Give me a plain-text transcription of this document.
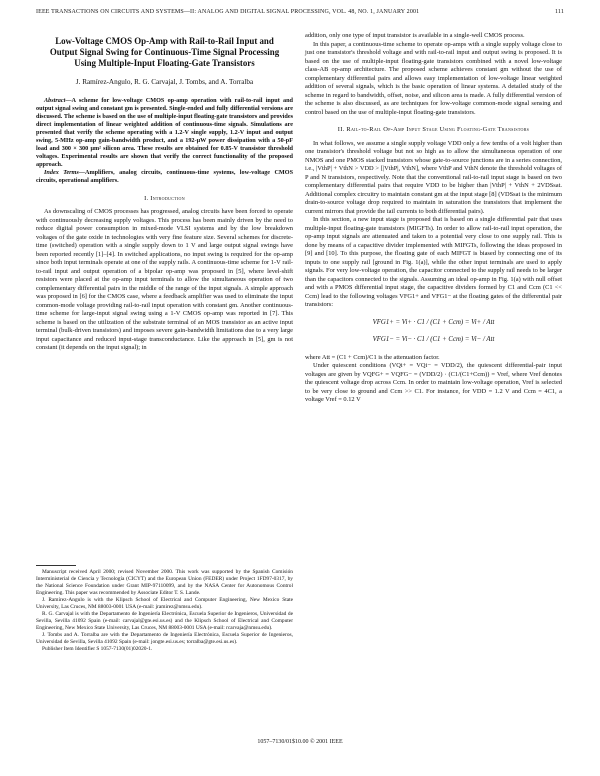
IEEE TRANSACTIONS ON CIRCUITS AND SYSTEMS—II: ANALOG AND DIGITAL SIGNAL PROCESSING, VOL. 48, NO. 1, JANUARY 2001	111
Low-Voltage CMOS Op-Amp with Rail-to-Rail Input and Output Signal Swing for Continuous-Time Signal Processing Using Multiple-Input Floating-Gate Transistors
J. Ramírez-Angulo, R. G. Carvajal, J. Tombs, and A. Torralba
Abstract—A scheme for low-voltage CMOS op-amp operation with rail-to-rail input and output signal swing and constant gm is presented. Single-ended and fully differential versions are discussed. The scheme is based on the use of multiple-input floating-gate transistors and provides direct implementation of linear weighted addition of continuous-time signals. Simulations are presented that verify the scheme operating with a 1.2-V single supply, 1.2-V input and output swing, 5-MHz op-amp gain-bandwidth product, and a 192-μW power dissipation with a 50-pF load and 300 × 300 μm² silicon area. These results are obtained for 0.85-V transistor threshold voltages. Experimental results are shown that verify the correct functionality of the proposed approach.
Index Terms—Amplifiers, analog circuits, continuous-time systems, low-voltage CMOS circuits, operational amplifiers.
I. Introduction

As downscaling of CMOS processes has progressed, analog circuits have been forced to operate with continuously decreasing supply voltages. This process has been mainly driven by the need to reduce digital power consumption in mixed-mode VLSI systems and by the low breakdown voltages of the gate oxide in technologies with very fine feature size. Several schemes for discrete-time (switched) operation with a single supply down to 1 V and large output signal swings have been reported recently [1]–[4]. In switched applications, no input swing is required for the op-amp since both input terminals operate at one of the supply rails. A continuous-time scheme for 1-V rail-to-rail input and output operation of a bipolar op-amp was proposed in [5], where level-shift resistors were placed at the op-amp input terminals to allow the simultaneous operation of two complementary differential pairs in the middle of the range of the input signals. A simple approach was proposed in [6] for the CMOS case, where a feedback amplifier was used to eliminate the input common-mode voltage providing rail-to-rail input operation with constant gm. Another continuous-time scheme for large-input signal swing using a 1-V CMOS op-amp was reported in [7]. This scheme is based on the utilization of the substrate terminal of an MOS transistor as an active input terminal (bulk-driven transistors) and imposes severe gain-bandwidth limitations due to a very large input capacitance and reduced input-stage transconductance. Like the approach in [5], gm is not constant (it depends on the input signal); in

Manuscript received April 2000; revised November 2000. This work was supported by the Spanish Comisión Interministerial de Ciencia y Tecnología (CICYT) and the European Union (FEDER) under Project 1FD97-0317, by the National Science Foundation under Grant MIP-97110099, and by the NASA Center for Autonomous Control Engineering. This paper was recommended by Associate Editor T. S. Lande.

J. Ramírez-Angulo is with the Klipsch School of Electrical and Computer Engineering, New Mexico State University, Las Cruces, NM 88003-0001 USA (e-mail: jramirez@nmsu.edu).

R. G. Carvajal is with the Departamento de Ingeniería Electrónica, Escuela Superior de Ingenieros, Universidad de Sevilla, Sevilla 41092 Spain (e-mail: carvajal@gte.esi.us.es) and the Klipsch School of Electrical and Computer Engineering, New Mexico State University, Las Cruces, NM 88003-0001 USA (e-mail: rcarvaja@nmsu.edu).

J. Tombs and A. Torralba are with the Departamento de Ingeniería Electrónica, Escuela Superior de Ingenieros, Universidad de Sevilla, Sevilla 41092 Spain (e-mail: jongte.esi.us.es; torralba@gte.esi.us.es).

Publisher Item Identifier S 1057-7130(01)02020-1.

addition, only one type of input transistor is available in a single-well CMOS process.

In this paper, a continuous-time scheme to operate op-amps with a single supply voltage close to just one transistor's threshold voltage and with rail-to-rail input and output swing is proposed. It is based on the use of multiple-input floating-gate transistors combined with a novel low-voltage class-AB op-amp architecture. The proposed scheme achieves constant gm without the use of complementary differential pairs and allows easy implementation of low-voltage linear weighted addition of several signals, which is the basic operation of linear systems. A detailed study of the scheme in regard to bandwidth, offset, noise, and silicon area is made. A fully differential version of the scheme is also discussed, as are techniques for low-voltage common-mode signal sensing and control based on the use of multiple-input floating-gate transistors.

II. Rail-to-Rail Op-Amp Input Stage Using Floating-Gate Transistors

In what follows, we assume a single supply voltage VDD only a few tenths of a volt higher than one transistor's threshold voltage but not so high as to allow the simultaneous operation of one NMOS and one PMOS stacked transistors whose gate-to-source junctions are in a series connection, i.e., |VthP| + VthN > VDD > [|VthP|, VthN], where VthP and VthN denote the threshold voltages of P and N transistors, respectively. Note that the conventional rail-to-rail input stage is based on two complementary differential pairs that require VDD to be higher than |VthP| + VthN + 2VDSsat. Additional complex circuitry to maintain constant gm at the input stage [8] (VDSsat is the minimum drain-to-source voltage drop required to maintain in saturation the transistors that implement the current mirrors that provide the tail currents to both differential pairs).

In this section, a new input stage is proposed that is based on a single differential pair that uses multiple-input floating-gate transistors (MIGFTs). In order to allow rail-to-rail input operation, the op-amp input signals are attenuated and taken to a potential very close to one supply rail. This is done by means of a capacitive divider implemented with MIFGTs, following the ideas proposed in [9] and [10]. To this purpose, the floating gate of each MIFGT is biased by connecting one of its inputs to one supply rail [ground in Fig. 1(a)], while the other input terminals are used to apply signals. For very low-voltage operation, the capacitor connected to the supply rail needs to be larger than the capacitors connected to the signals. Assuming an ideal op-amp in Fig. 1(a) with null offset and with a PMOS differential input stage, the capacitive dividers formed by C1 and Ccm (C1 << Ccm) lead to the following voltages VFG1+ and VFG1− at the floating gates of the differential pair transistors:

VFG1+ = Vi+ · C1 / (C1 + Ccm) = Vi+ / Att
VFG1− = Vi− · C1 / (C1 + Ccm) = Vi− / Att

where Att = (C1 + Ccm)/C1 is the attenuation factor.

Under quiescent conditions (VQi+ = VQi− = VDD/2), the quiescent differential-pair input voltages are given by VQFG+ = VQFG− = (VDD/2) · (C1/(C1+Ccm)) = Vref, where Vref denotes the quiescent voltage drop across Ccm. In order to maintain low-voltage operation, Vref is selected to be very close to ground and Ccm >> C1. For instance, for VDD = 1.2 V and Ccm = 4C1, a voltage Vref = 0.12 V

1057–7130/01$10.00 © 2001 IEEE
